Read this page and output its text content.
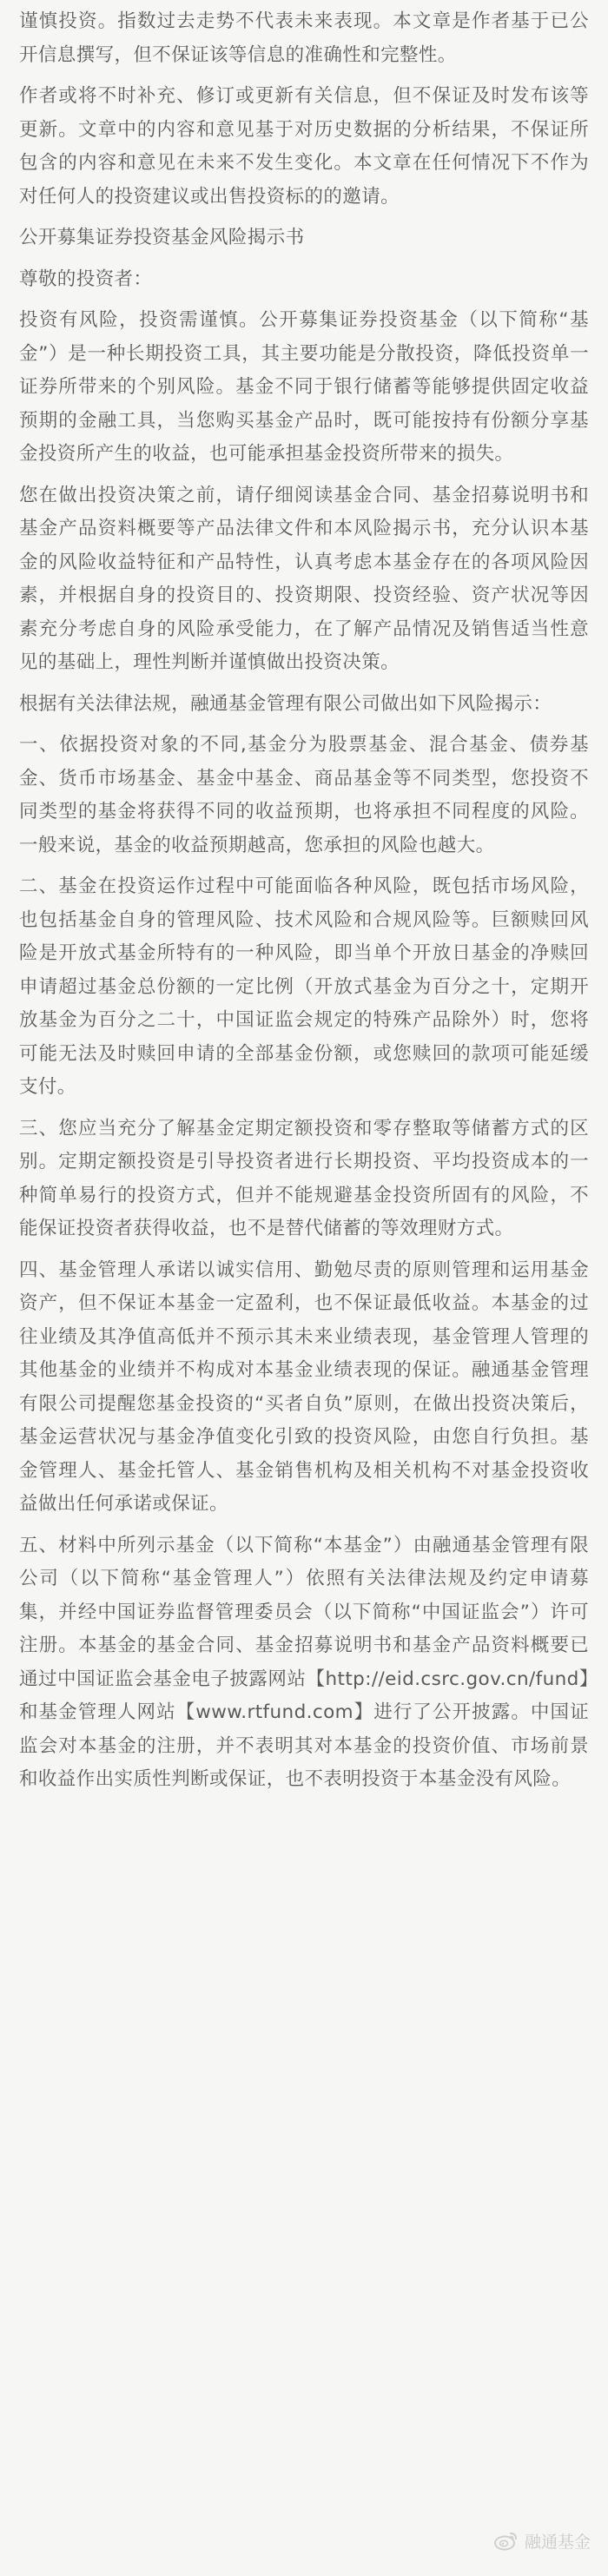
谨慎投资。指数过去走势不代表未来表现。本文章是作者基于已公开信息撰写，但不保证该等信息的准确性和完整性。

作者或将不时补充、修订或更新有关信息，但不保证及时发布该等更新。文章中的内容和意见基于对历史数据的分析结果，不保证所包含的内容和意见在未来不发生变化。本文章在任何情况下不作为对任何人的投资建议或出售投资标的的邀请。

公开募集证券投资基金风险揭示书

尊敬的投资者：

投资有风险，投资需谨慎。公开募集证券投资基金（以下简称“基金”）是一种长期投资工具，其主要功能是分散投资，降低投资单一证券所带来的个别风险。基金不同于银行储蓄等能够提供固定收益预期的金融工具，当您购买基金产品时，既可能按持有份额分享基金投资所产生的收益，也可能承担基金投资所带来的损失。

您在做出投资决策之前，请仔细阅读基金合同、基金招募说明书和基金产品资料概要等产品法律文件和本风险揭示书，充分认识本基金的风险收益特征和产品特性，认真考虑本基金存在的各项风险因素，并根据自身的投资目的、投资期限、投资经验、资产状况等因素充分考虑自身的风险承受能力，在了解产品情况及销售适当性意见的基础上，理性判断并谨慎做出投资决策。

根据有关法律法规，融通基金管理有限公司做出如下风险揭示：

一、依据投资对象的不同,基金分为股票基金、混合基金、债券基金、货币市场基金、基金中基金、商品基金等不同类型，您投资不同类型的基金将获得不同的收益预期，也将承担不同程度的风险。一般来说，基金的收益预期越高，您承担的风险也越大。

二、基金在投资运作过程中可能面临各种风险，既包括市场风险，也包括基金自身的管理风险、技术风险和合规风险等。巨额赎回风险是开放式基金所特有的一种风险，即当单个开放日基金的净赎回申请超过基金总份额的一定比例（开放式基金为百分之十，定期开放基金为百分之二十，中国证监会规定的特殊产品除外）时，您将可能无法及时赎回申请的全部基金份额，或您赎回的款项可能延缓支付。

三、您应当充分了解基金定期定额投资和零存整取等储蓄方式的区别。定期定额投资是引导投资者进行长期投资、平均投资成本的一种简单易行的投资方式，但并不能规避基金投资所固有的风险，不能保证投资者获得收益，也不是替代储蓄的等效理财方式。

四、基金管理人承诺以诚实信用、勤勉尽责的原则管理和运用基金资产，但不保证本基金一定盈利，也不保证最低收益。本基金的过往业绩及其净值高低并不预示其未来业绩表现，基金管理人管理的其他基金的业绩并不构成对本基金业绩表现的保证。融通基金管理有限公司提醒您基金投资的“买者自负”原则，在做出投资决策后，基金运营状况与基金净值变化引致的投资风险，由您自行负担。基金管理人、基金托管人、基金销售机构及相关机构不对基金投资收益做出任何承诺或保证。

五、材料中所列示基金（以下简称“本基金”）由融通基金管理有限公司（以下简称“基金管理人”）依照有关法律法规及约定申请募集，并经中国证券监督管理委员会（以下简称“中国证监会”）许可注册。本基金的基金合同、基金招募说明书和基金产品资料概要已通过中国证监会基金电子披露网站【http://eid.csrc.gov.cn/fund】和基金管理人网站【www.rtfund.com】进行了公开披露。中国证监会对本基金的注册，并不表明其对本基金的投资价值、市场前景和收益作出实质性判断或保证，也不表明投资于本基金没有风险。

融通基金
